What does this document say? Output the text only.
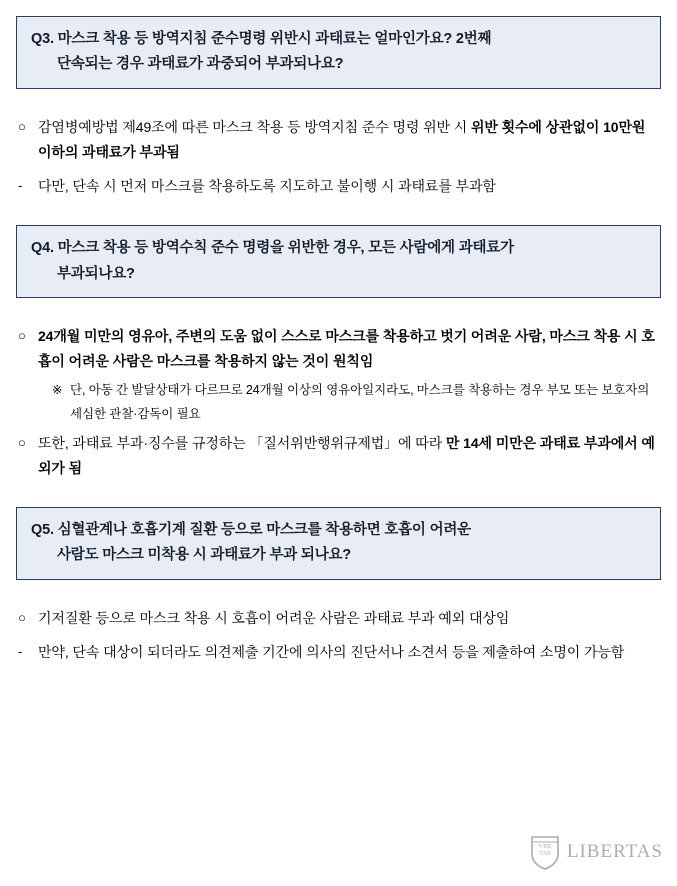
Q3. 마스크 착용 등 방역지침 준수명령 위반시 과태료는 얼마인가요? 2번째

단속되는 경우 과태료가 과중되어 부과되나요?

○ 감염병예방법 제49조에 따른 마스크 착용 등 방역지침 준수 명령 위반 시 위반 횟수에 상관없이 10만원 이하의 과태료가 부과됨
-	다만, 단속 시 먼저 마스크를 착용하도록 지도하고 불이행 시 과태료를 부과함

Q4. 마스크 착용 등 방역수칙 준수 명령을 위반한 경우, 모든 사람에게 과태료가

부과되나요?

○ 24개월 미만의 영유아, 주변의 도움 없이 스스로 마스크를 착용하고 벗기 어려운 사람, 마스크 착용 시 호흡이 어려운 사람은 마스크를 착용하지 않는 것이 원칙임
※ 단, 아동 간 발달상태가 다르므로 24개월 이상의 영유아일지라도, 마스크를 착용하는 경우 부모 또는 보호자의 세심한 관찰·감독이 필요
○ 또한, 과태료 부과·징수를 규정하는 「질서위반행위규제법」에 따라 만 14세 미만은 과태료 부과에서 예외가 됨

Q5. 심혈관계나 호흡기계 질환 등으로 마스크를 착용하면 호흡이 어려운

사람도 마스크 미착용 시 과태료가 부과 되나요?

○ 기저질환 등으로 마스크 착용 시 호흡이 어려운 사람은 과태료 부과 예외 대상임
-	만약, 단속 대상이 되더라도 의견제출 기간에 의사의 진단서나 소견서 등을 제출하여 소명이 가능함
VER
TAS LIBERTAS
